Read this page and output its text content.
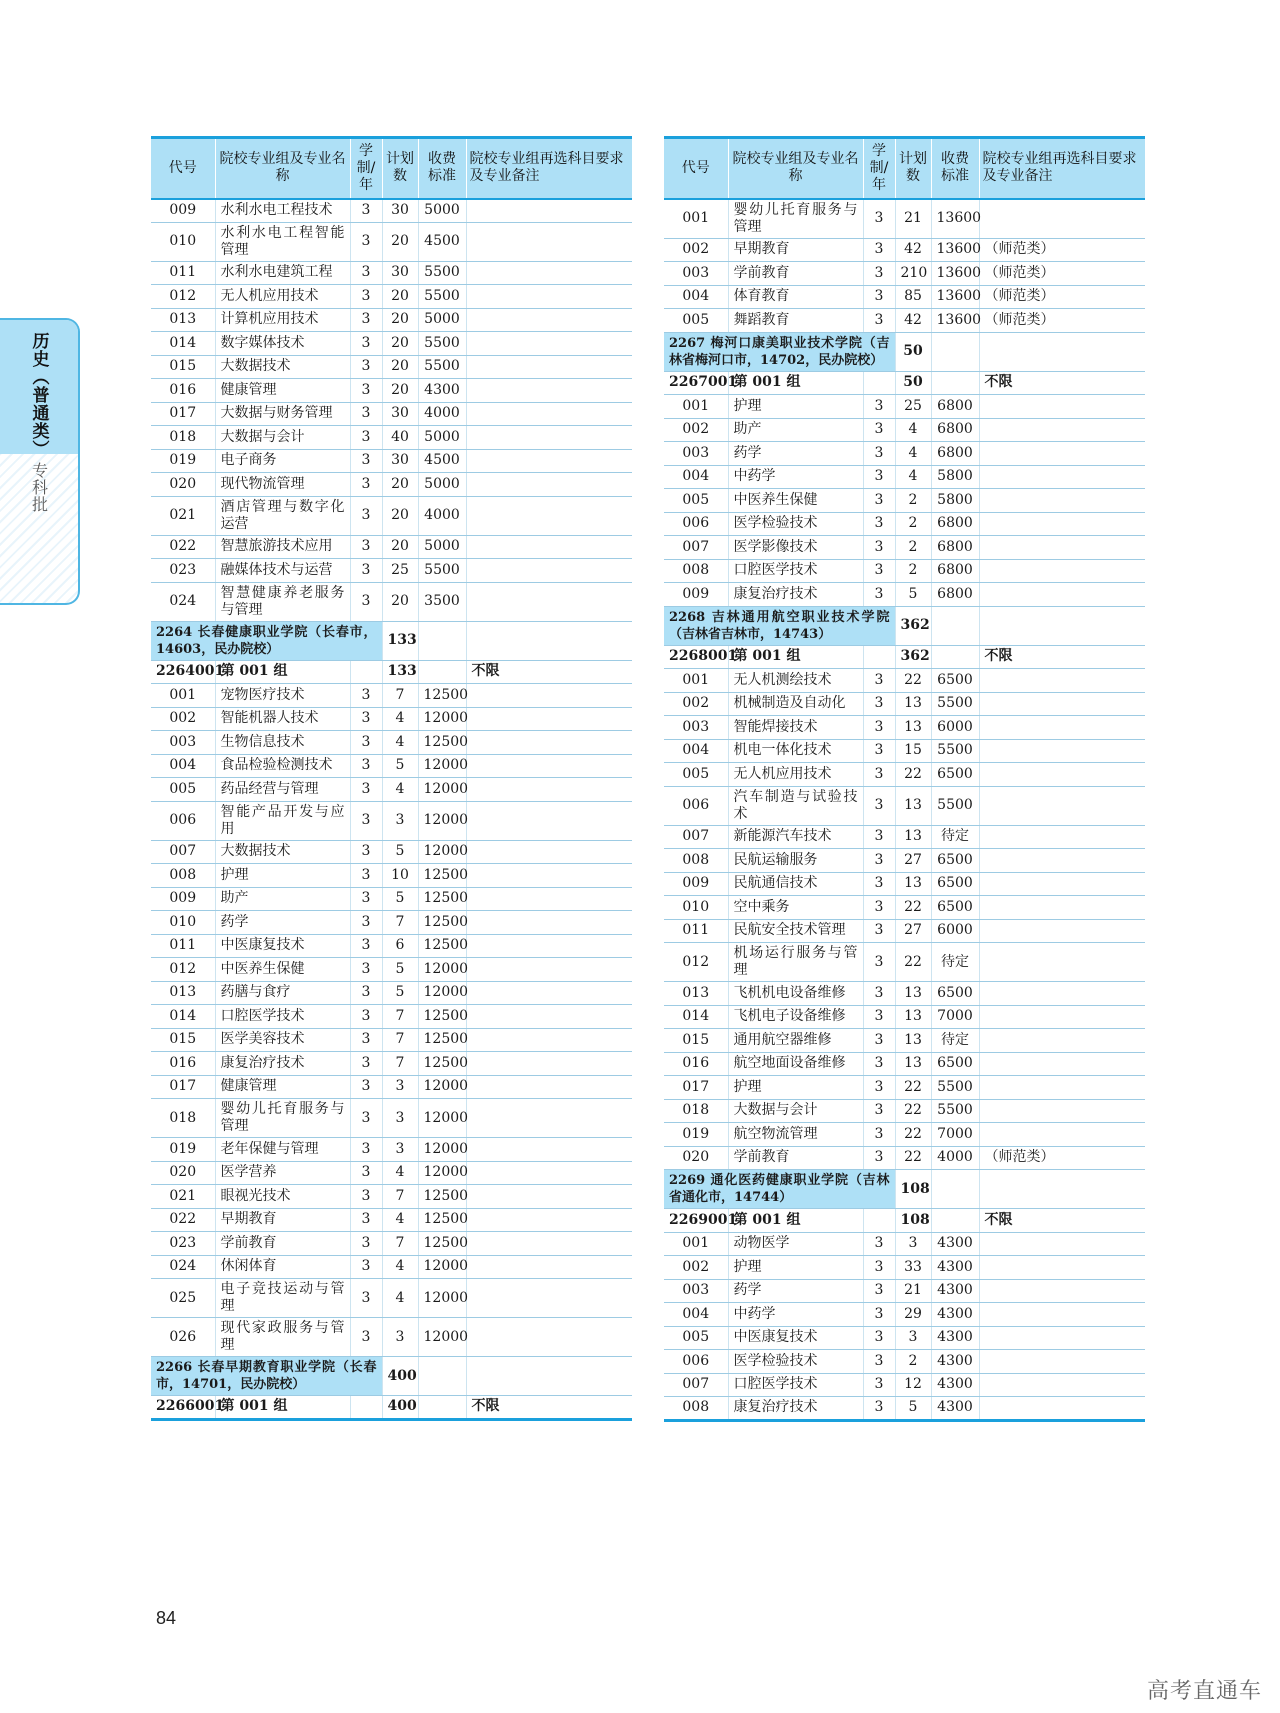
历史（普通类）
专科批
代号	院校专业组及专业名称	学制/年	计划数	收费标准	院校专业组再选科目要求及专业备注
009	水利水电工程技术	3	30	5000	
010	水利水电工程智能管理	3	20	4500	
011	水利水电建筑工程	3	30	5500	
012	无人机应用技术	3	20	5500	
013	计算机应用技术	3	20	5000	
014	数字媒体技术	3	20	5500	
015	大数据技术	3	20	5500	
016	健康管理	3	20	4300	
017	大数据与财务管理	3	30	4000	
018	大数据与会计	3	40	5000	
019	电子商务	3	30	4500	
020	现代物流管理	3	20	5000	
021	酒店管理与数字化运营	3	20	4000	
022	智慧旅游技术应用	3	20	5000	
023	融媒体技术与运营	3	25	5500	
024	智慧健康养老服务与管理	3	20	3500	
2264 长春健康职业学院（长春市，14603，民办院校）			133		
2264001	第 001 组		133		不限
001	宠物医疗技术	3	7	12500	
002	智能机器人技术	3	4	12000	
003	生物信息技术	3	4	12500	
004	食品检验检测技术	3	5	12000	
005	药品经营与管理	3	4	12000	
006	智能产品开发与应用	3	3	12000	
007	大数据技术	3	5	12000	
008	护理	3	10	12500	
009	助产	3	5	12500	
010	药学	3	7	12500	
011	中医康复技术	3	6	12500	
012	中医养生保健	3	5	12000	
013	药膳与食疗	3	5	12000	
014	口腔医学技术	3	7	12500	
015	医学美容技术	3	7	12500	
016	康复治疗技术	3	7	12500	
017	健康管理	3	3	12000	
018	婴幼儿托育服务与管理	3	3	12000	
019	老年保健与管理	3	3	12000	
020	医学营养	3	4	12000	
021	眼视光技术	3	7	12500	
022	早期教育	3	4	12500	
023	学前教育	3	7	12500	
024	休闲体育	3	4	12000	
025	电子竞技运动与管理	3	4	12000	
026	现代家政服务与管理	3	3	12000	
2266 长春早期教育职业学院（长春市，14701，民办院校）			400		
2266001	第 001 组		400		不限
代号	院校专业组及专业名称	学制/年	计划数	收费标准	院校专业组再选科目要求及专业备注
001	婴幼儿托育服务与管理	3	21	13600	
002	早期教育	3	42	13600	（师范类）
003	学前教育	3	210	13600	（师范类）
004	体育教育	3	85	13600	（师范类）
005	舞蹈教育	3	42	13600	（师范类）
2267 梅河口康美职业技术学院（吉林省梅河口市，14702，民办院校）			50		
2267001	第 001 组		50		不限
001	护理	3	25	6800	
002	助产	3	4	6800	
003	药学	3	4	6800	
004	中药学	3	4	5800	
005	中医养生保健	3	2	5800	
006	医学检验技术	3	2	6800	
007	医学影像技术	3	2	6800	
008	口腔医学技术	3	2	6800	
009	康复治疗技术	3	5	6800	
2268 吉林通用航空职业技术学院（吉林省吉林市，14743）			362		
2268001	第 001 组		362		不限
001	无人机测绘技术	3	22	6500	
002	机械制造及自动化	3	13	5500	
003	智能焊接技术	3	13	6000	
004	机电一体化技术	3	15	5500	
005	无人机应用技术	3	22	6500	
006	汽车制造与试验技术	3	13	5500	
007	新能源汽车技术	3	13	待定	
008	民航运输服务	3	27	6500	
009	民航通信技术	3	13	6500	
010	空中乘务	3	22	6500	
011	民航安全技术管理	3	27	6000	
012	机场运行服务与管理	3	22	待定	
013	飞机机电设备维修	3	13	6500	
014	飞机电子设备维修	3	13	7000	
015	通用航空器维修	3	13	待定	
016	航空地面设备维修	3	13	6500	
017	护理	3	22	5500	
018	大数据与会计	3	22	5500	
019	航空物流管理	3	22	7000	
020	学前教育	3	22	4000	（师范类）
2269 通化医药健康职业学院（吉林省通化市，14744）			108		
2269001	第 001 组		108		不限
001	动物医学	3	3	4300	
002	护理	3	33	4300	
003	药学	3	21	4300	
004	中药学	3	29	4300	
005	中医康复技术	3	3	4300	
006	医学检验技术	3	2	4300	
007	口腔医学技术	3	12	4300	
008	康复治疗技术	3	5	4300	
84
高考直通车
